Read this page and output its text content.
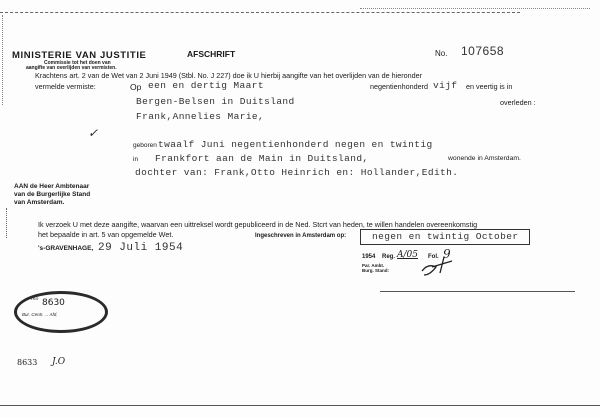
MINISTERIE VAN JUSTITIE
Commissie tot het doen van
aangifte van overlijden van vermisten.
AFSCHRIFT	No. 107658
Krachtens art. 2 van de Wet van 2 Juni 1949 (Stbl. No. J 227) doe ik U hierbij aangifte van het overlijden van de hieronder
vermelde vermiste:	Op een en dertig Maart	negentienhonderd vijf en veertig is in
Bergen-Belsen in Duitsland	overleden :
Frank,Annelies Marie,
geboren twaalf Juni negentienhonderd negen en twintig
in Frankfort aan de Main in Duitsland,	wonende in Amsterdam.
dochter van: Frank,Otto Heinrich en: Hollander,Edith.
✓
AAN de Heer Ambtenaar
van de Burgerlijke Stand
van Amsterdam.
Ik verzoek U met deze aangifte, waarvan een uittreksel wordt gepubliceerd in de Ned. Stcrt van heden, te willen handelen overeenkomstig
het bepaalde in art. 5 van opgemelde Wet.	Ingeschreven in Amsterdam op:	negen en twintig October
's-GRAVENHAGE, 29 Juli 1954
1954 Reg. A/05 Fol. 9
Par. Ambt.
Burg. Stand:
No 8630
Bur. Centr. ... Afd.
8633 J.O
